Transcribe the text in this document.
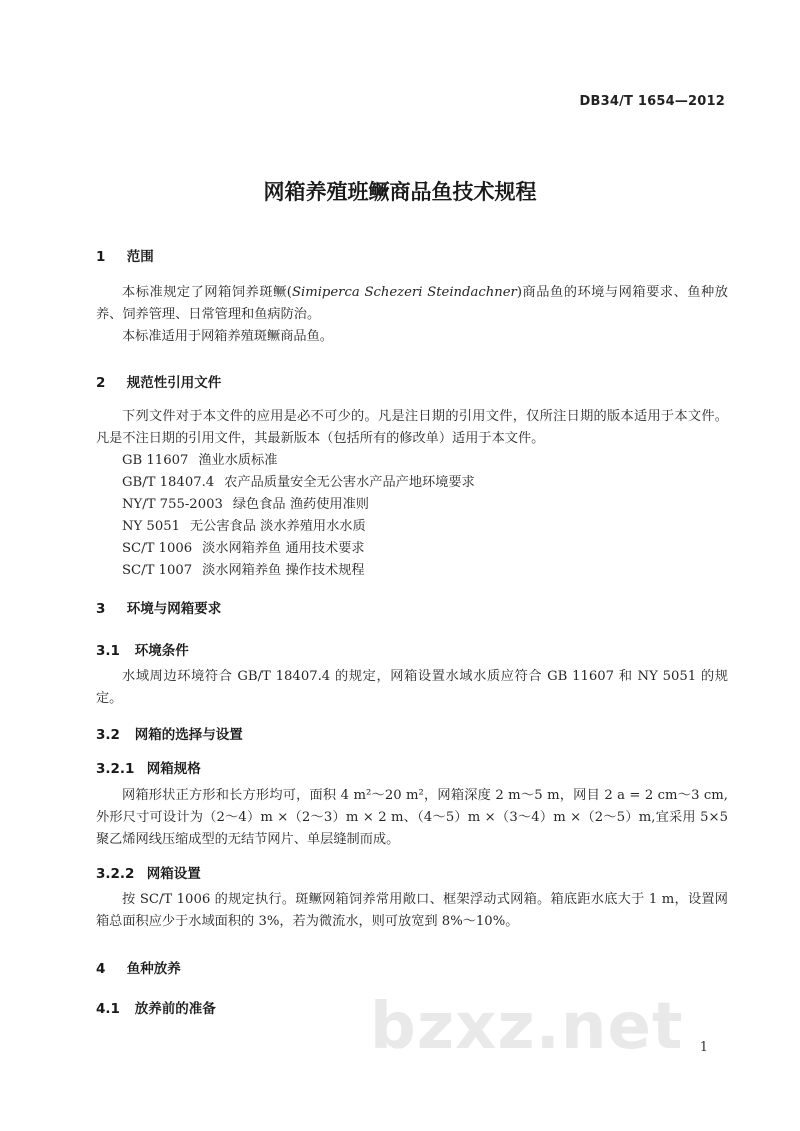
DB34/T 1654—2012
网箱养殖班鳜商品鱼技术规程
1 范围
本标准规定了网箱饲养斑鳜(Simiperca Schezeri Steindachner)商品鱼的环境与网箱要求、鱼种放养、饲养管理、日常管理和鱼病防治。
本标准适用于网箱养殖斑鳜商品鱼。
2 规范性引用文件
下列文件对于本文件的应用是必不可少的。凡是注日期的引用文件，仅所注日期的版本适用于本文件。凡是不注日期的引用文件，其最新版本（包括所有的修改单）适用于本文件。
GB 11607 渔业水质标准
GB/T 18407.4 农产品质量安全无公害水产品产地环境要求
NY/T 755-2003 绿色食品 渔药使用准则
NY 5051 无公害食品 淡水养殖用水水质
SC/T 1006 淡水网箱养鱼 通用技术要求
SC/T 1007 淡水网箱养鱼 操作技术规程
3 环境与网箱要求
3.1 环境条件
水域周边环境符合 GB/T 18407.4 的规定，网箱设置水域水质应符合 GB 11607 和 NY 5051 的规定。
3.2 网箱的选择与设置
3.2.1 网箱规格
网箱形状正方形和长方形均可，面积 4 m²～20 m²，网箱深度 2 m～5 m，网目 2 a = 2 cm～3 cm,外形尺寸可设计为（2～4）m ×（2～3）m × 2 m、（4～5）m ×（3～4）m ×（2～5）m,宜采用 5×5 聚乙烯网线压缩成型的无结节网片、单层缝制而成。
3.2.2 网箱设置
按 SC/T 1006 的规定执行。斑鳜网箱饲养常用敞口、框架浮动式网箱。箱底距水底大于 1 m，设置网箱总面积应少于水域面积的 3%，若为微流水，则可放宽到 8%～10%。
4 鱼种放养
4.1 放养前的准备 bzxz.net 1
